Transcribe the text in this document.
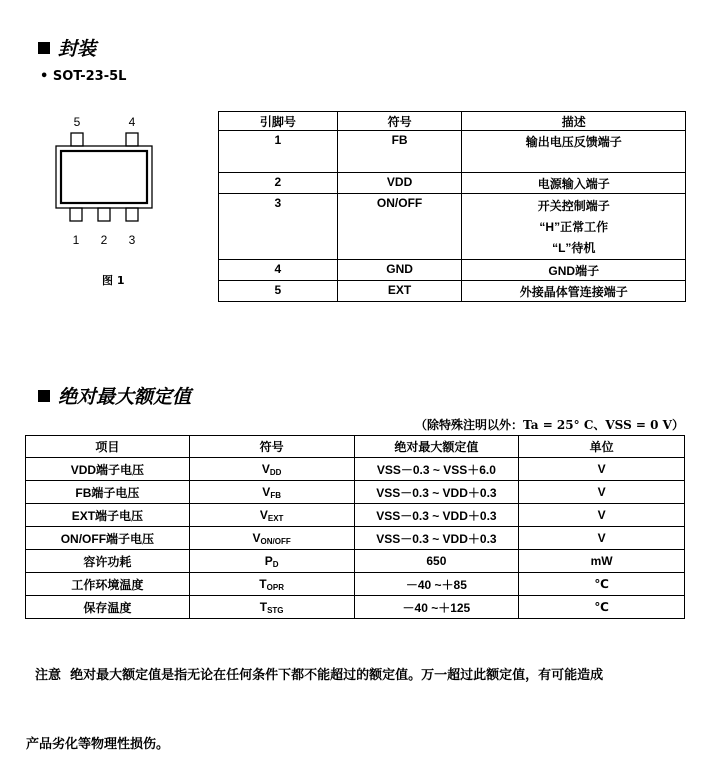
封装
• SOT-23-5L
5	4
1 2 3
图 1
引脚号	符号	描述
1	FB	输出电压反馈端子
2	VDD	电源输入端子
3	ON/OFF	开关控制端子
“H”正常工作
“L”待机

4	GND	GND端子
5	EXT	外接晶体管连接端子
绝对最大额定值
（除特殊注明以外：Ta = 25° C、VSS = 0 V）
项目	符号	绝对最大额定值	单位
VDD端子电压	VDD	VSS－0.3 ~ VSS＋6.0	V
FB端子电压	VFB	VSS－0.3 ~ VDD＋0.3	V
EXT端子电压	VEXT	VSS－0.3 ~ VDD＋0.3	V
ON/OFF端子电压	VON/OFF	VSS－0.3 ~ VDD＋0.3	V
容许功耗	PD	650	mW
工作环境温度	TOPR	－40 ~＋85	℃
保存温度	TSTG	－40 ~＋125	℃

注意  绝对最大额定值是指无论在任何条件下都不能超过的额定值。万一超过此额定值，有可能造成

产品劣化等物理性损伤。
